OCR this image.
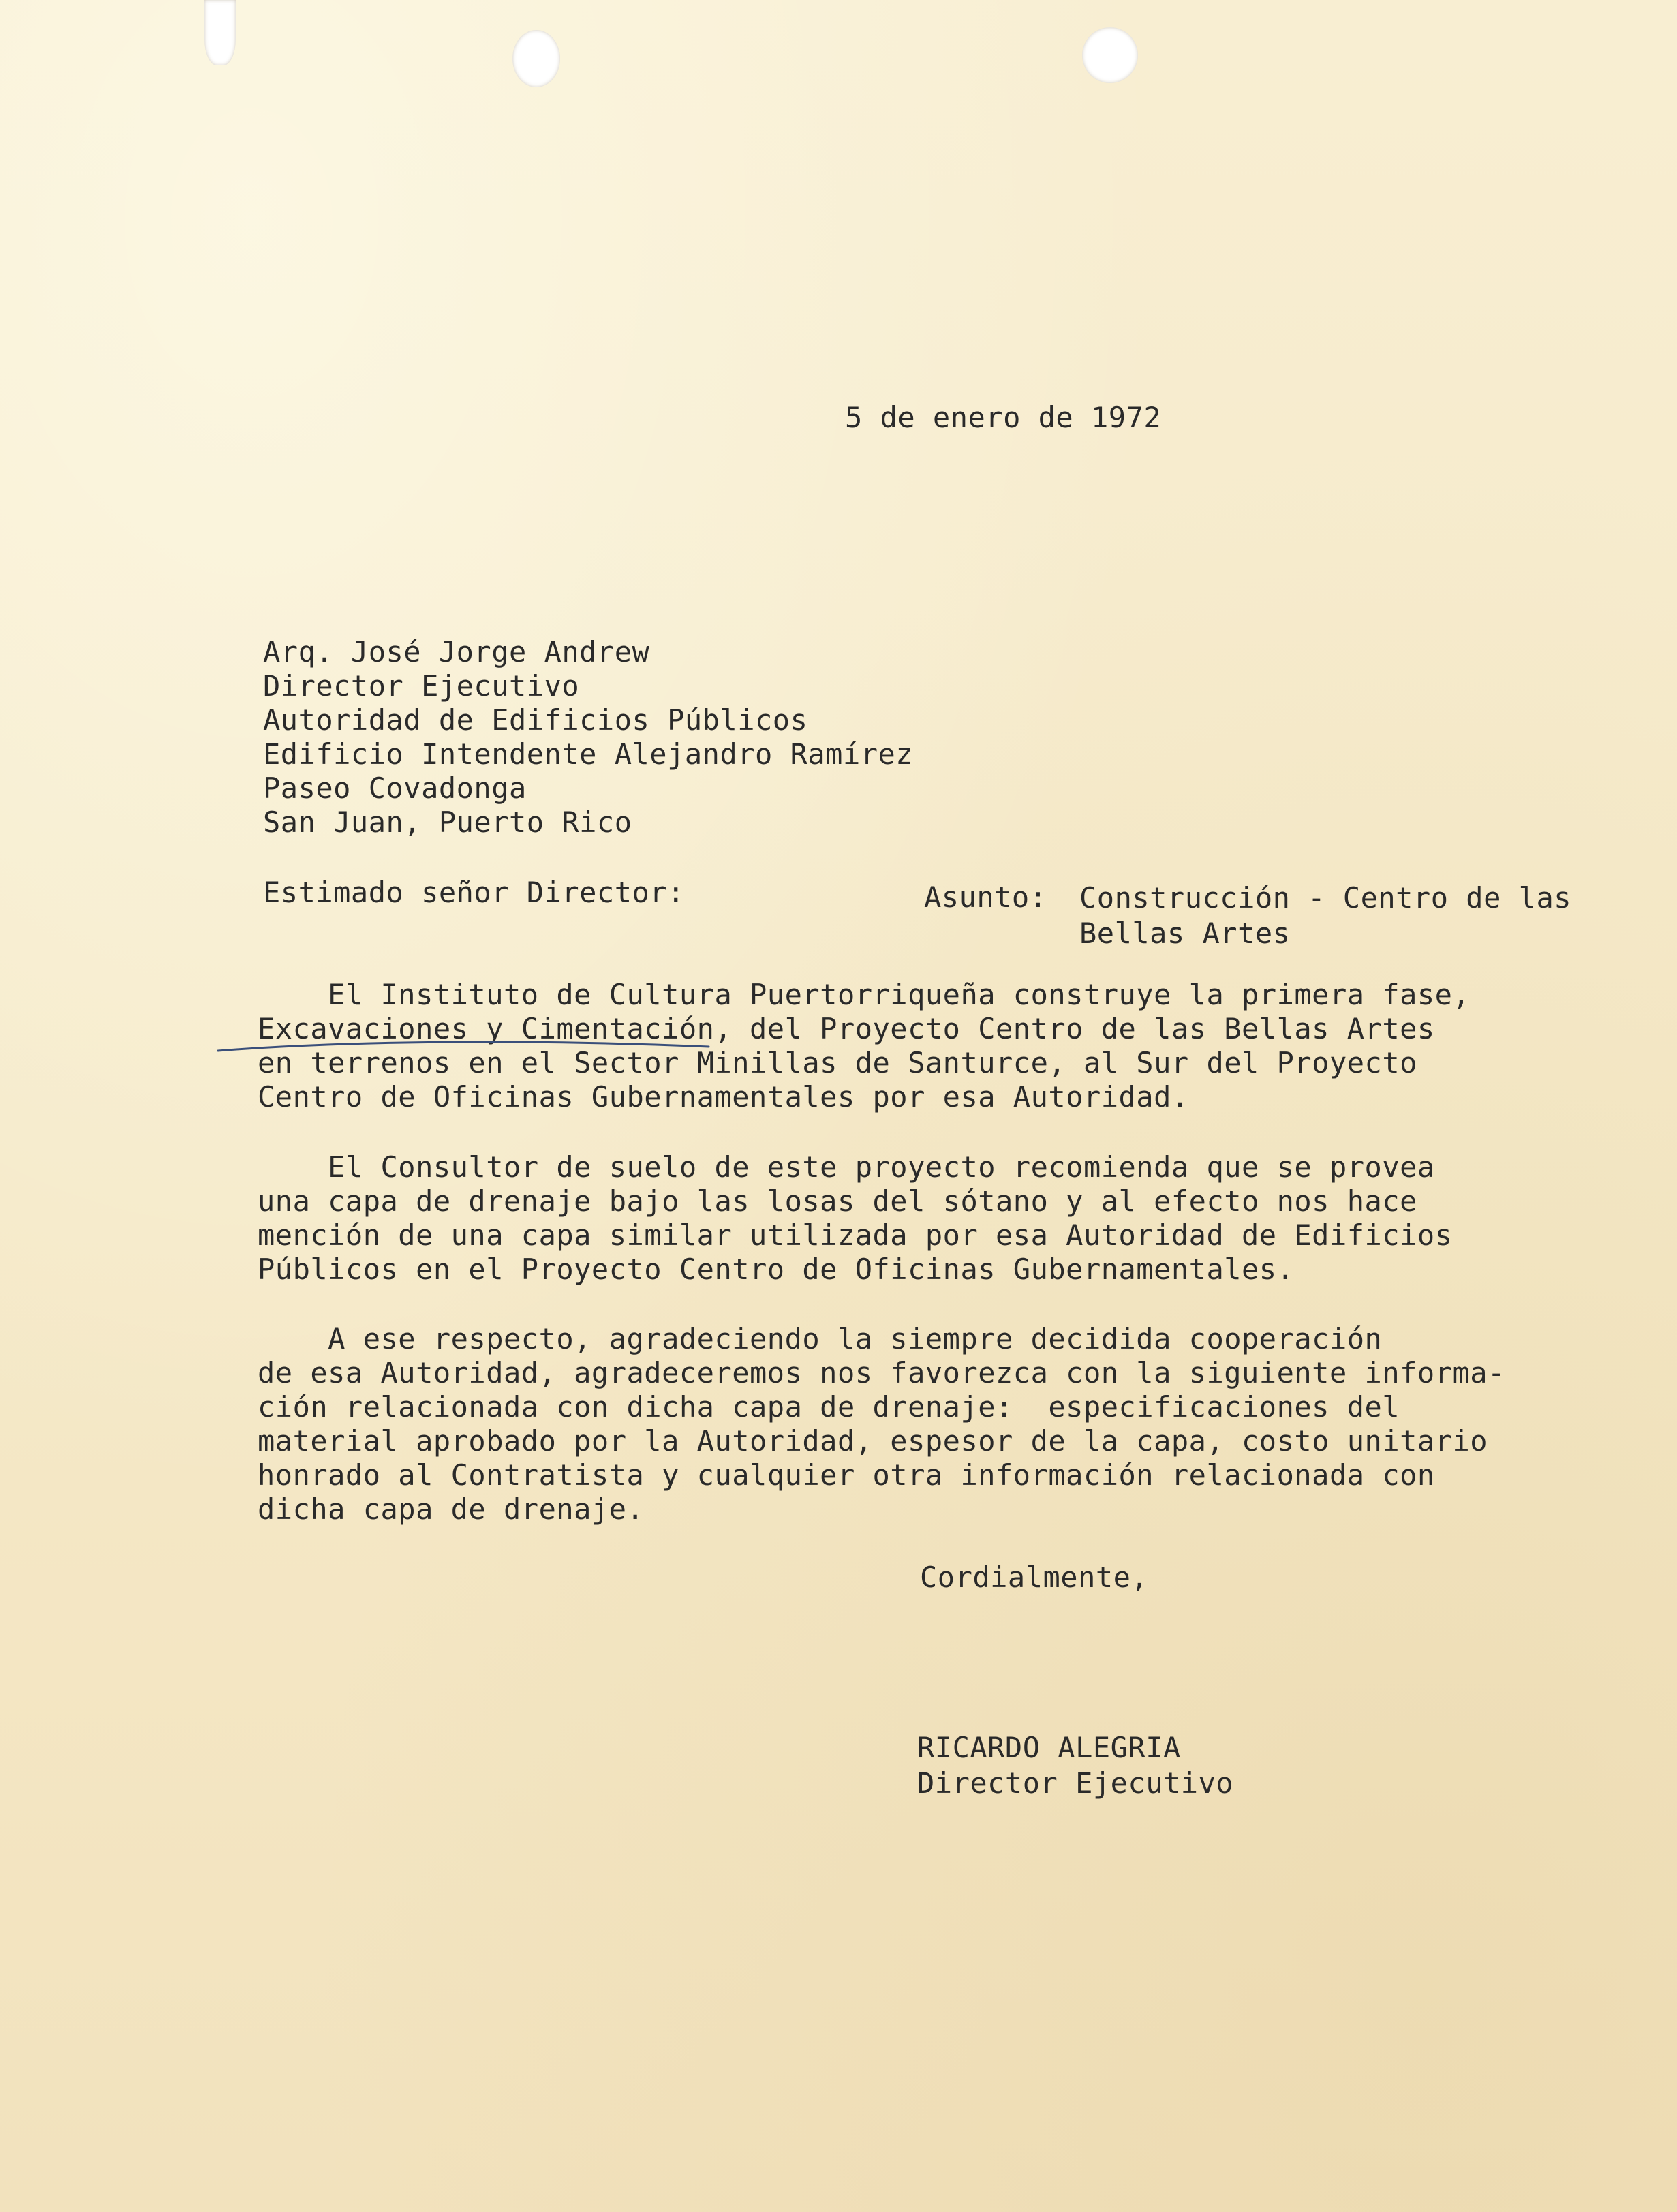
5 de enero de 1972
Arq. José Jorge Andrew
Director Ejecutivo
Autoridad de Edificios Públicos
Edificio Intendente Alejandro Ramírez
Paseo Covadonga
San Juan, Puerto Rico
Estimado señor Director:	Asunto: Construcción - Centro de las
Bellas Artes
El Instituto de Cultura Puertorriqueña construye la primera fase,
Excavaciones y Cimentación, del Proyecto Centro de las Bellas Artes
en terrenos en el Sector Minillas de Santurce, al Sur del Proyecto
Centro de Oficinas Gubernamentales por esa Autoridad.
El Consultor de suelo de este proyecto recomienda que se provea
una capa de drenaje bajo las losas del sótano y al efecto nos hace
mención de una capa similar utilizada por esa Autoridad de Edificios
Públicos en el Proyecto Centro de Oficinas Gubernamentales.
A ese respecto, agradeciendo la siempre decidida cooperación
de esa Autoridad, agradeceremos nos favorezca con la siguiente informa-
ción relacionada con dicha capa de drenaje:  especificaciones del
material aprobado por la Autoridad, espesor de la capa, costo unitario
honrado al Contratista y cualquier otra información relacionada con
dicha capa de drenaje.
Cordialmente,
RICARDO ALEGRIA
Director Ejecutivo
